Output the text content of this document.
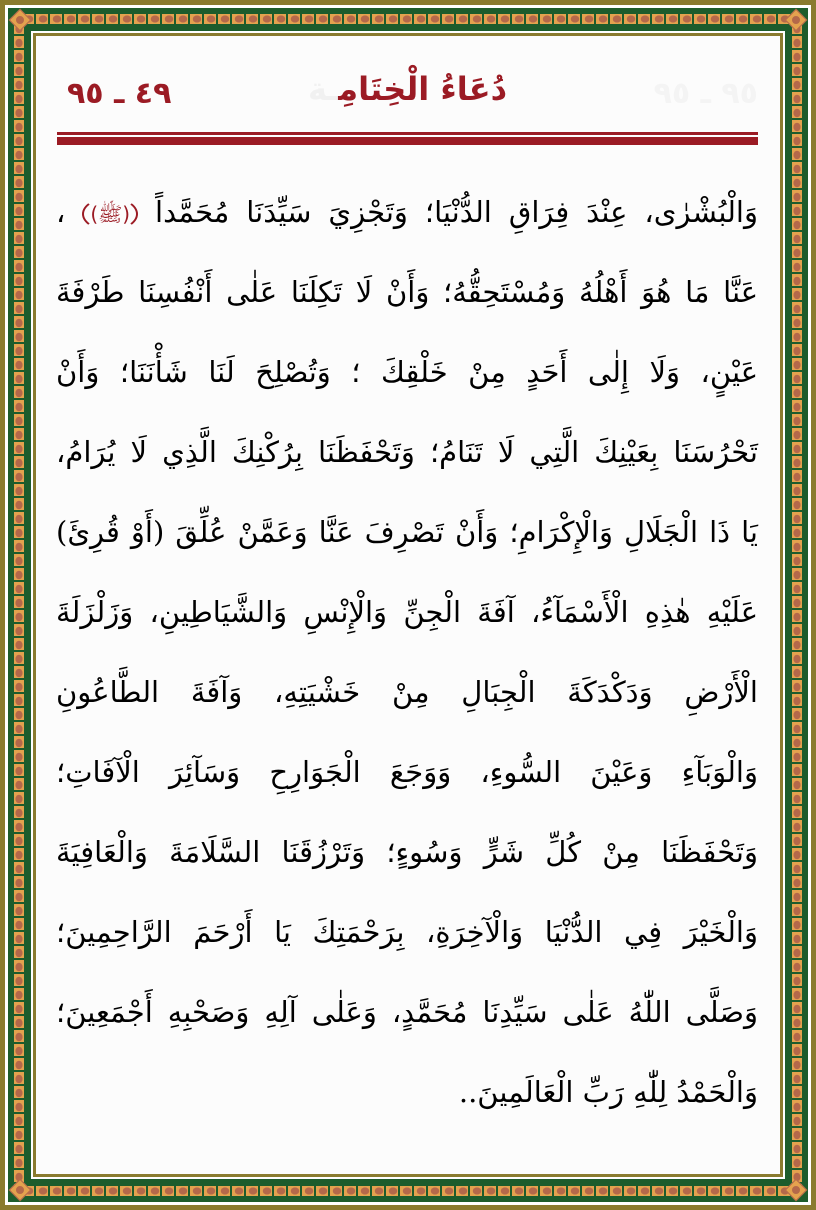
٩٥ ـ ٩٥
دُعَاءُ الْخِتَامِـة
٤٩ ـ ٩٥
وَالْبُشْرٰى، عِنْدَ فِرَاقِ الدُّنْيَا؛ وَتَجْزِيَ سَيِّدَنَا مُحَمَّداً (ﷺ) ،
عَنَّا مَا هُوَ أَهْلُهُ وَمُسْتَحِقُّهُ؛ وَأَنْ لَا تَكِلَنَا عَلٰى أَنْفُسِنَا طَرْفَةَ
عَيْنٍ، وَلَا إِلٰى أَحَدٍ مِنْ خَلْقِكَ ؛ وَتُصْلِحَ لَنَا شَأْنَنَا؛ وَأَنْ
تَحْرُسَنَا بِعَيْنِكَ الَّتِي لَا تَنَامُ؛ وَتَحْفَظَنَا بِرُكْنِكَ الَّذِي لَا يُرَامُ،
يَا ذَا الْجَلَالِ وَالْإِكْرَامِ؛ وَأَنْ تَصْرِفَ عَنَّا وَعَمَّنْ عُلِّقَ (أَوْ قُرِئَ)
عَلَيْهِ هٰذِهِ الْأَسْمَآءُ، آفَةَ الْجِنِّ وَالْإِنْسِ وَالشَّيَاطِينِ، وَزَلْزَلَةَ
الْأَرْضِ وَدَكْدَكَةَ الْجِبَالِ مِنْ خَشْيَتِهِ، وَآفَةَ الطَّاعُونِ
وَالْوَبَآءِ وَعَيْنَ السُّوءِ، وَوَجَعَ الْجَوَارِحِ وَسَآئِرَ الْآفَاتِ؛
وَتَحْفَظَنَا مِنْ كُلِّ شَرٍّ وَسُوءٍ؛ وَتَرْزُقَنَا السَّلَامَةَ وَالْعَافِيَةَ
وَالْخَيْرَ فِي الدُّنْيَا وَالْآخِرَةِ، بِرَحْمَتِكَ يَا أَرْحَمَ الرَّاحِمِينَ؛
وَصَلَّى اللّٰهُ عَلٰى سَيِّدِنَا مُحَمَّدٍ، وَعَلٰى آلِهِ وَصَحْبِهِ أَجْمَعِينَ؛
وَالْحَمْدُ لِلّٰهِ رَبِّ الْعَالَمِينَ..
